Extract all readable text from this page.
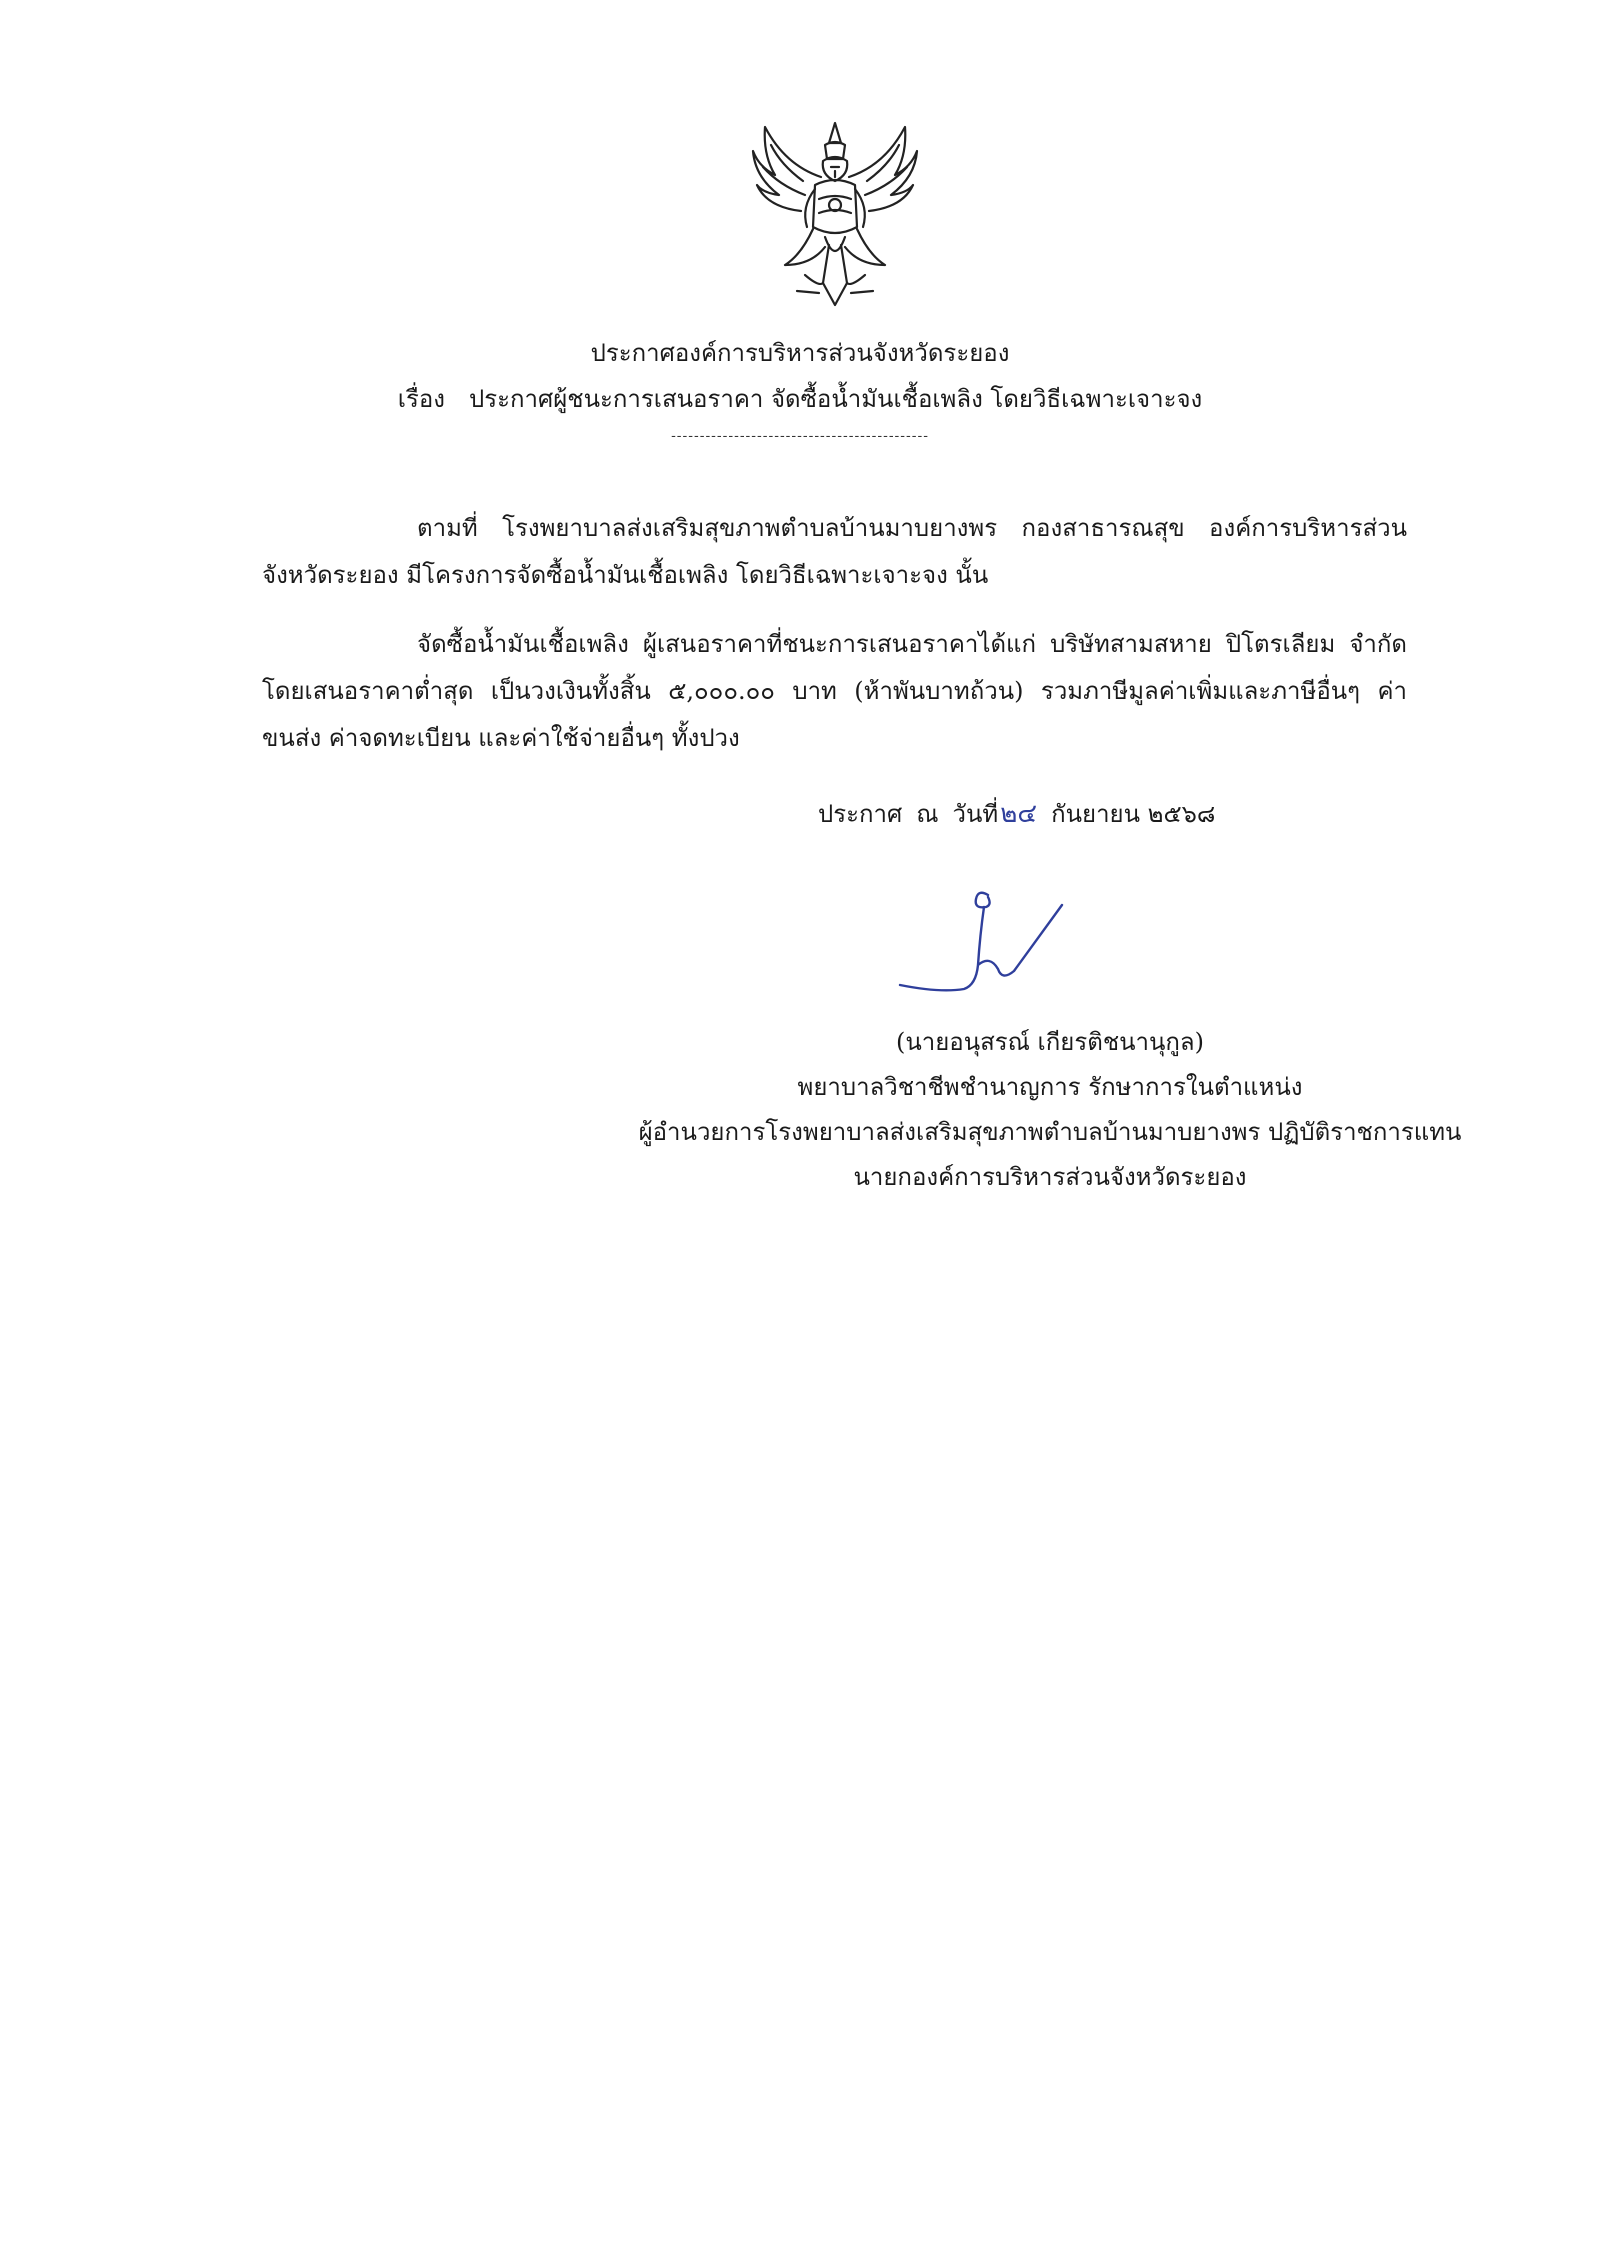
ประกาศองค์การบริหารส่วนจังหวัดระยอง
เรื่อง ประกาศผู้ชนะการเสนอราคา จัดซื้อน้ำมันเชื้อเพลิง โดยวิธีเฉพาะเจาะจง
---------------------------------------------
ตามที่ โรงพยาบาลส่งเสริมสุขภาพตำบลบ้านมาบยางพร กองสาธารณสุข องค์การบริหารส่วนจังหวัดระยอง มีโครงการจัดซื้อน้ำมันเชื้อเพลิง โดยวิธีเฉพาะเจาะจง นั้น
จัดซื้อน้ำมันเชื้อเพลิง ผู้เสนอราคาที่ชนะการเสนอราคาได้แก่ บริษัทสามสหาย ปิโตรเลียม จำกัด โดยเสนอราคาต่ำสุด เป็นวงเงินทั้งสิ้น ๕,๐๐๐.๐๐ บาท (ห้าพันบาทถ้วน) รวมภาษีมูลค่าเพิ่มและภาษีอื่นๆ ค่าขนส่ง ค่าจดทะเบียน และค่าใช้จ่ายอื่นๆ ทั้งปวง
ประกาศ ณ วันที่๒๔ กันยายน ๒๕๖๘
(นายอนุสรณ์ เกียรติชนานุกูล)
พยาบาลวิชาชีพชำนาญการ รักษาการในตำแหน่ง
ผู้อำนวยการโรงพยาบาลส่งเสริมสุขภาพตำบลบ้านมาบยางพร ปฏิบัติราชการแทน
นายกองค์การบริหารส่วนจังหวัดระยอง
